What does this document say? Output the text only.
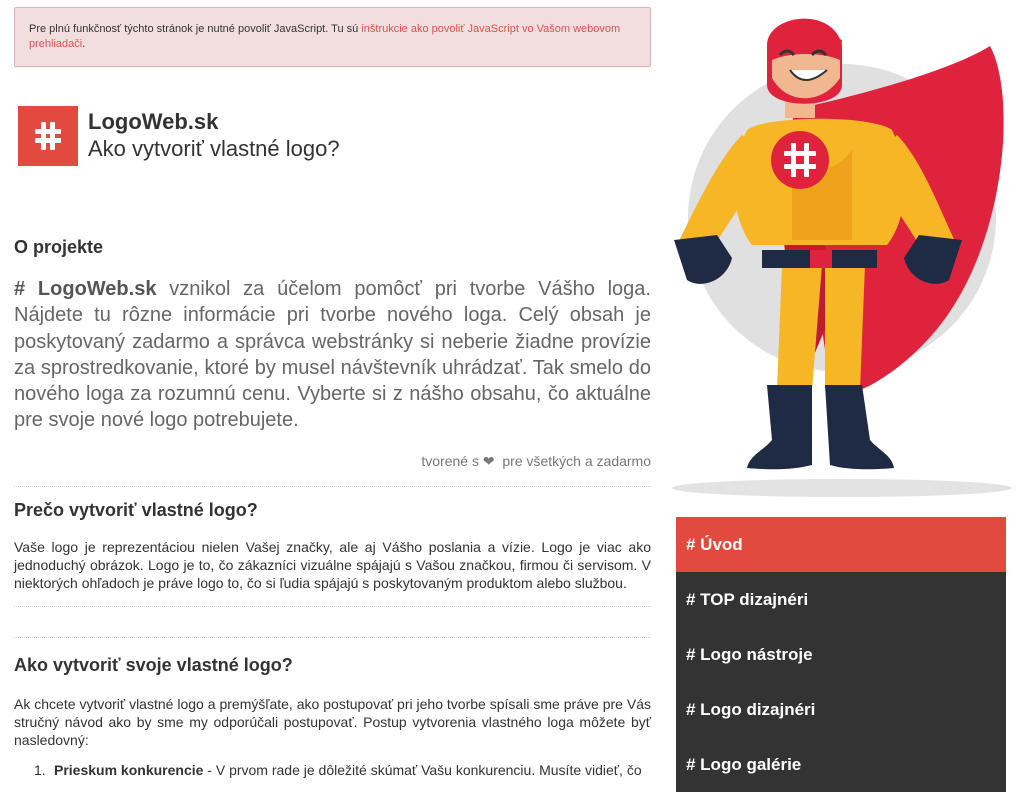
Pre plnú funkčnosť týchto stránok je nutné povoliť JavaScript. Tu sú inštrukcie ako povoliť JavaScript vo Vašom webovom prehliadači.
LogoWeb.sk
Ako vytvoriť vlastné logo?
O projekte
# LogoWeb.sk vznikol za účelom pomôcť pri tvorbe Vášho loga. Nájdete tu rôzne informácie pri tvorbe nového loga. Celý obsah je poskytovaný zadarmo a správca webstránky si neberie žiadne provízie za sprostredkovanie, ktoré by musel návštevník uhrádzať. Tak smelo do nového loga za rozumnú cenu. Vyberte si z nášho obsahu, čo aktuálne pre svoje nové logo potrebujete.
tvorené s ❤ pre všetkých a zadarmo
Prečo vytvoriť vlastné logo?
Vaše logo je reprezentáciou nielen Vašej značky, ale aj Vášho poslania a vízie. Logo je viac ako jednoduchý obrázok. Logo je to, čo zákazníci vizuálne spájajú s Vašou značkou, firmou či servisom. V niektorých ohľadoch je práve logo to, čo si ľudia spájajú s poskytovaným produktom alebo službou.
Ako vytvoriť svoje vlastné logo?
Ak chcete vytvoriť vlastné logo a premýšľate, ako postupovať pri jeho tvorbe spísali sme práve pre Vás stručný návod ako by sme my odporúčali postupovať. Postup vytvorenia vlastného loga môžete byť nasledovný:
1. Prieskum konkurencie - V prvom rade je dôležité skúmať Vašu konkurenciu. Musíte vidieť, čo
# Úvod
# TOP dizajnéri
# Logo nástroje
# Logo dizajnéri
# Logo galérie
